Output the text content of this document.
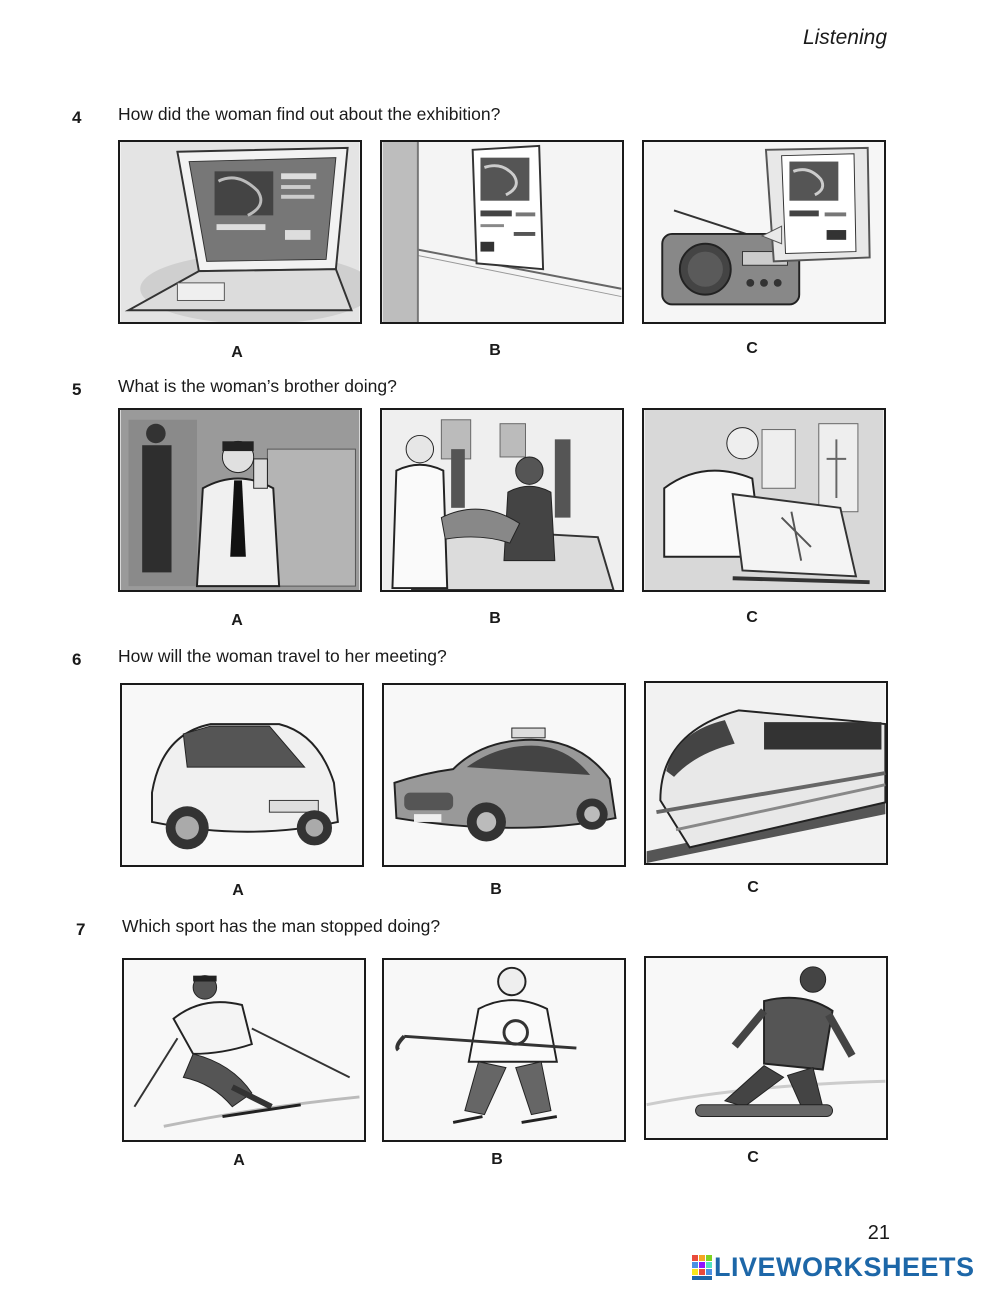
Listening
4 How did the woman find out about the exhibition?
A	B	C
5 What is the woman’s brother doing?
A	B	C
6 How will the woman travel to her meeting?
A	B	C
7 Which sport has the man stopped doing?
A	B	C
21
LIVEWORKSHEETS
